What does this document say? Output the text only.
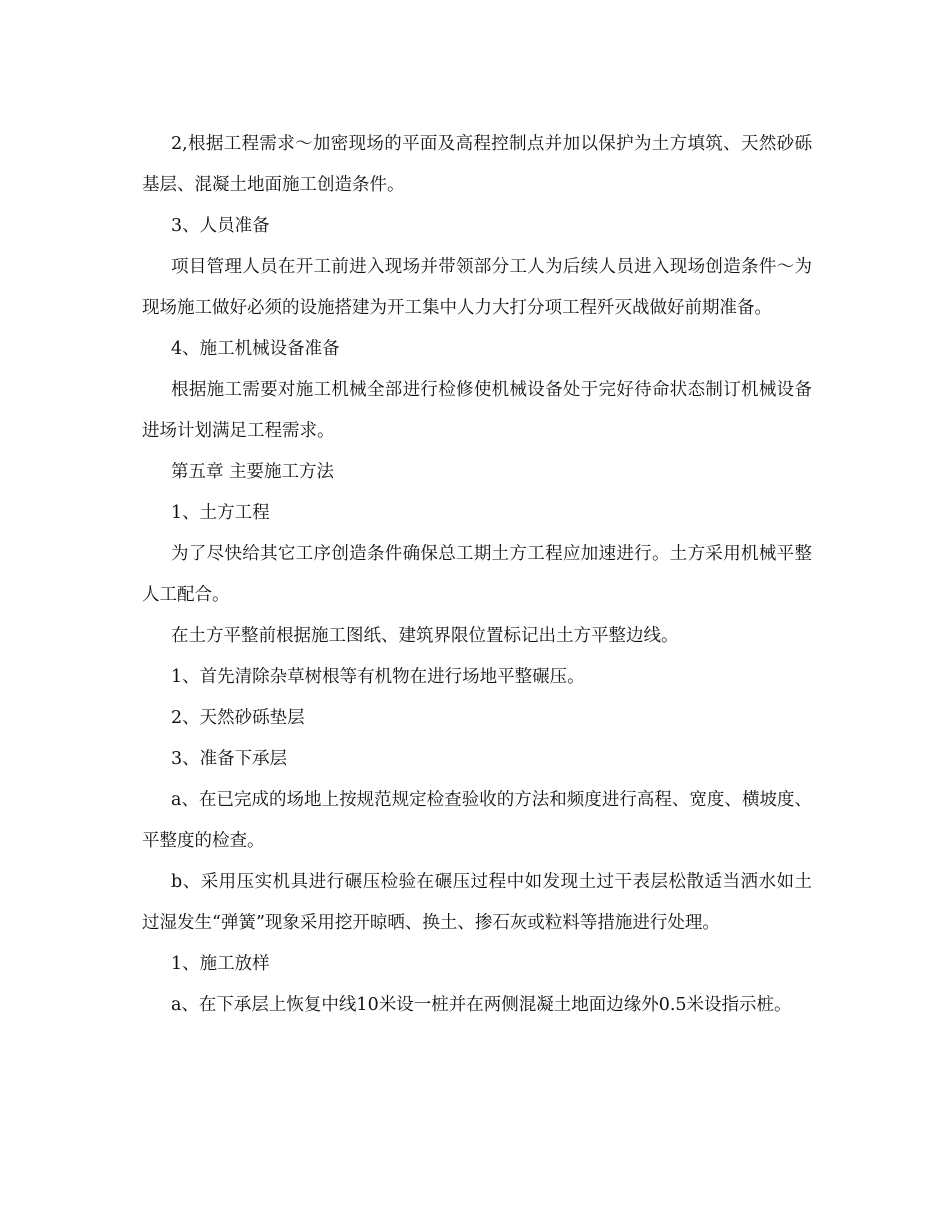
2,根据工程需求～加密现场的平面及高程控制点并加以保护为土方填筑、天然砂砾基层、混凝土地面施工创造条件。

3、人员准备

项目管理人员在开工前进入现场并带领部分工人为后续人员进入现场创造条件～为现场施工做好必须的设施搭建为开工集中人力大打分项工程歼灭战做好前期准备。

4、施工机械设备准备

根据施工需要对施工机械全部进行检修使机械设备处于完好待命状态制订机械设备进场计划满足工程需求。

第五章 主要施工方法

1、土方工程

为了尽快给其它工序创造条件确保总工期土方工程应加速进行。土方采用机械平整人工配合。

在土方平整前根据施工图纸、建筑界限位置标记出土方平整边线。

1、首先清除杂草树根等有机物在进行场地平整碾压。

2、天然砂砾垫层

3、准备下承层

a、在已完成的场地上按规范规定检查验收的方法和频度进行高程、宽度、横坡度、平整度的检查。

b、采用压实机具进行碾压检验在碾压过程中如发现土过干表层松散适当洒水如土过湿发生“弹簧”现象采用挖开晾晒、换土、掺石灰或粒料等措施进行处理。

1、施工放样

a、在下承层上恢复中线10米设一桩并在两侧混凝土地面边缘外0.5米设指示桩。
